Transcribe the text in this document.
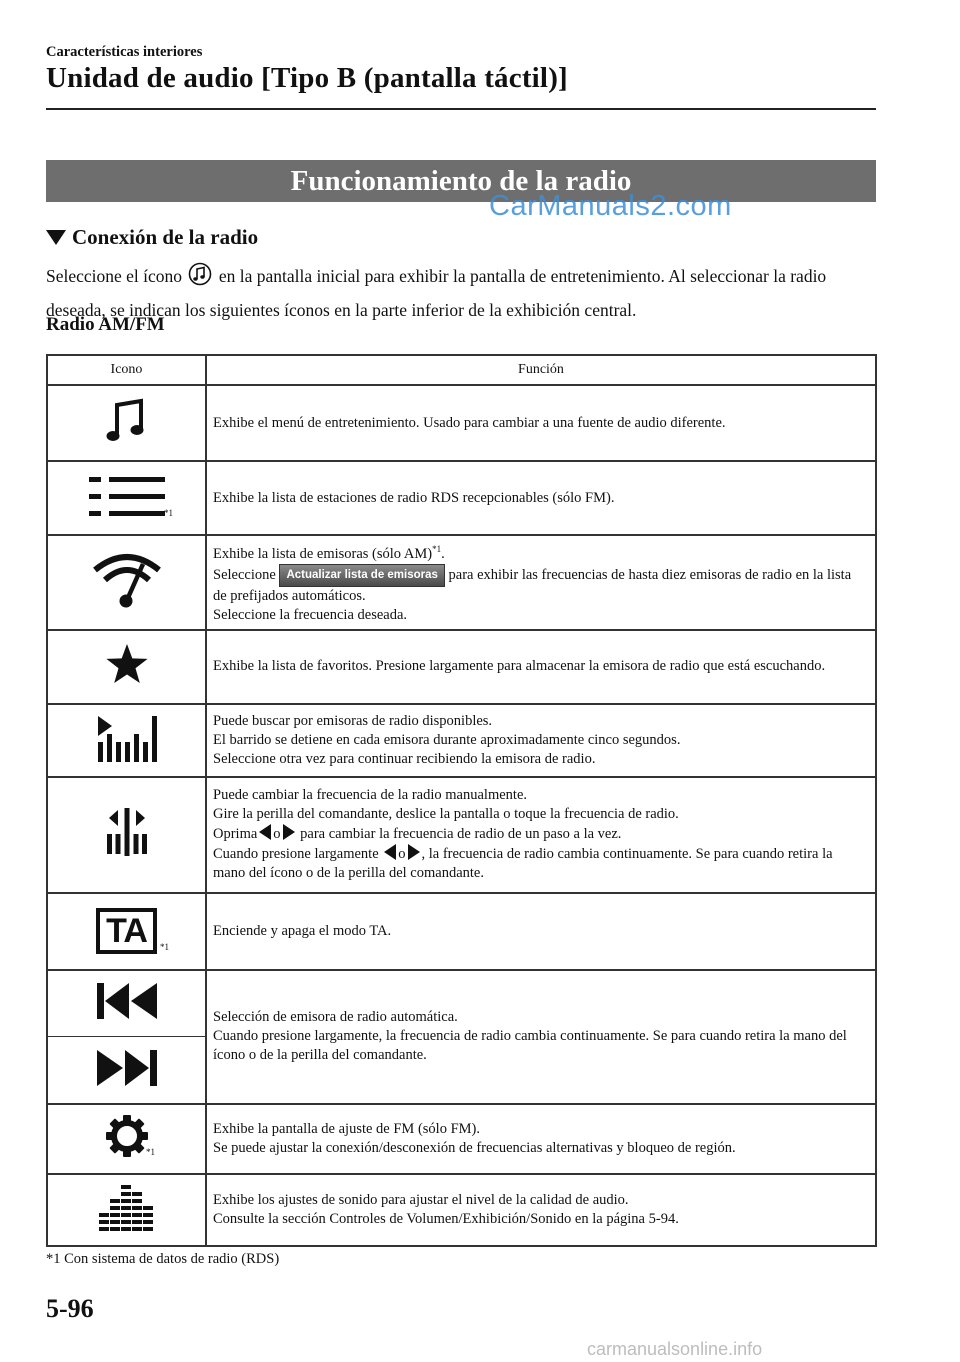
Características interiores
Unidad de audio [Tipo B (pantalla táctil)]
Funcionamiento de la radio
CarManuals2.com
Conexión de la radio
Seleccione el ícono en la pantalla inicial para exhibir la pantalla de entretenimiento. Al seleccionar la radio deseada, se indican los siguientes íconos en la parte inferior de la exhibición central.
Radio AM/FM
Icono	Función
	Exhibe el menú de entretenimiento. Usado para cambiar a una fuente de audio diferente.

*1	Exhibe la lista de estaciones de radio RDS recepcionables (sólo FM).

Exhibe la lista de emisoras (sólo AM)$^{*1}$.
Seleccione Actualizar lista de emisoras para exhibir las frecuencias de hasta diez emisoras de radio en la lista de prefijados automáticos.
Seleccione la frecuencia deseada.

	Exhibe la lista de favoritos. Presione largamente para almacenar la emisora de radio que está escuchando.

Puede buscar por emisoras de radio disponibles.
El barrido se detiene en cada emisora durante aproximadamente cinco segundos.
Seleccione otra vez para continuar recibiendo la emisora de radio.

Puede cambiar la frecuencia de la radio manualmente.
Gire la perilla del comandante, deslice la pantalla o toque la frecuencia de radio.
Oprima o para cambiar la frecuencia de radio de un paso a la vez.
Cuando presione largamente o , la frecuencia de radio cambia continuamente. Se para cuando retira la mano del ícono o de la perilla del comandante.

TA *1	Enciende y apaga el modo TA.

Selección de emisora de radio automática.
Cuando presione largamente, la frecuencia de radio cambia continuamente. Se para cuando retira la mano del ícono o de la perilla del comandante.

*1	Exhibe la pantalla de ajuste de FM (sólo FM).
Se puede ajustar la conexión/desconexión de frecuencias alternativas y bloqueo de región.

Exhibe los ajustes de sonido para ajustar el nivel de la calidad de audio.
Consulte la sección Controles de Volumen/Exhibición/Sonido en la página 5-94.
*1 Con sistema de datos de radio (RDS)
5-96
carmanualsonline.info
